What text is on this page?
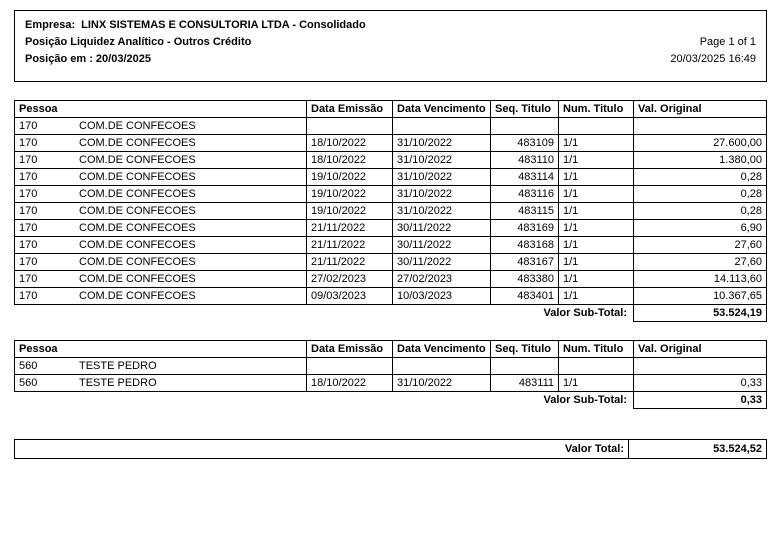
Empresa: LINX SISTEMAS E CONSULTORIA LTDA - Consolidado

Posição Liquidez Analítico - Outros Crédito	Page 1 of 1
Posição em : 20/03/2025	20/03/2025 16:49
Pessoa	Data Emissão	Data Vencimento	Seq. Titulo	Num. Titulo	Val. Original
170 COM.DE CONFECOES					
170 COM.DE CONFECOES	18/10/2022	31/10/2022	483109	1/1	27.600,00
170 COM.DE CONFECOES	18/10/2022	31/10/2022	483110	1/1	1.380,00
170 COM.DE CONFECOES	19/10/2022	31/10/2022	483114	1/1	0,28
170 COM.DE CONFECOES	19/10/2022	31/10/2022	483116	1/1	0,28
170 COM.DE CONFECOES	19/10/2022	31/10/2022	483115	1/1	0,28
170 COM.DE CONFECOES	21/11/2022	30/11/2022	483169	1/1	6,90
170 COM.DE CONFECOES	21/11/2022	30/11/2022	483168	1/1	27,60
170 COM.DE CONFECOES	21/11/2022	30/11/2022	483167	1/1	27,60
170 COM.DE CONFECOES	27/02/2023	27/02/2023	483380	1/1	14.113,60
170 COM.DE CONFECOES	09/03/2023	10/03/2023	483401	1/1	10.367,65
Valor Sub-Total:					53.524,19
Pessoa	Data Emissão	Data Vencimento	Seq. Titulo	Num. Titulo	Val. Original
560 TESTE PEDRO					
560 TESTE PEDRO	18/10/2022	31/10/2022	483111	1/1	0,33
Valor Sub-Total:					0,33
Valor Total:	53.524,52
